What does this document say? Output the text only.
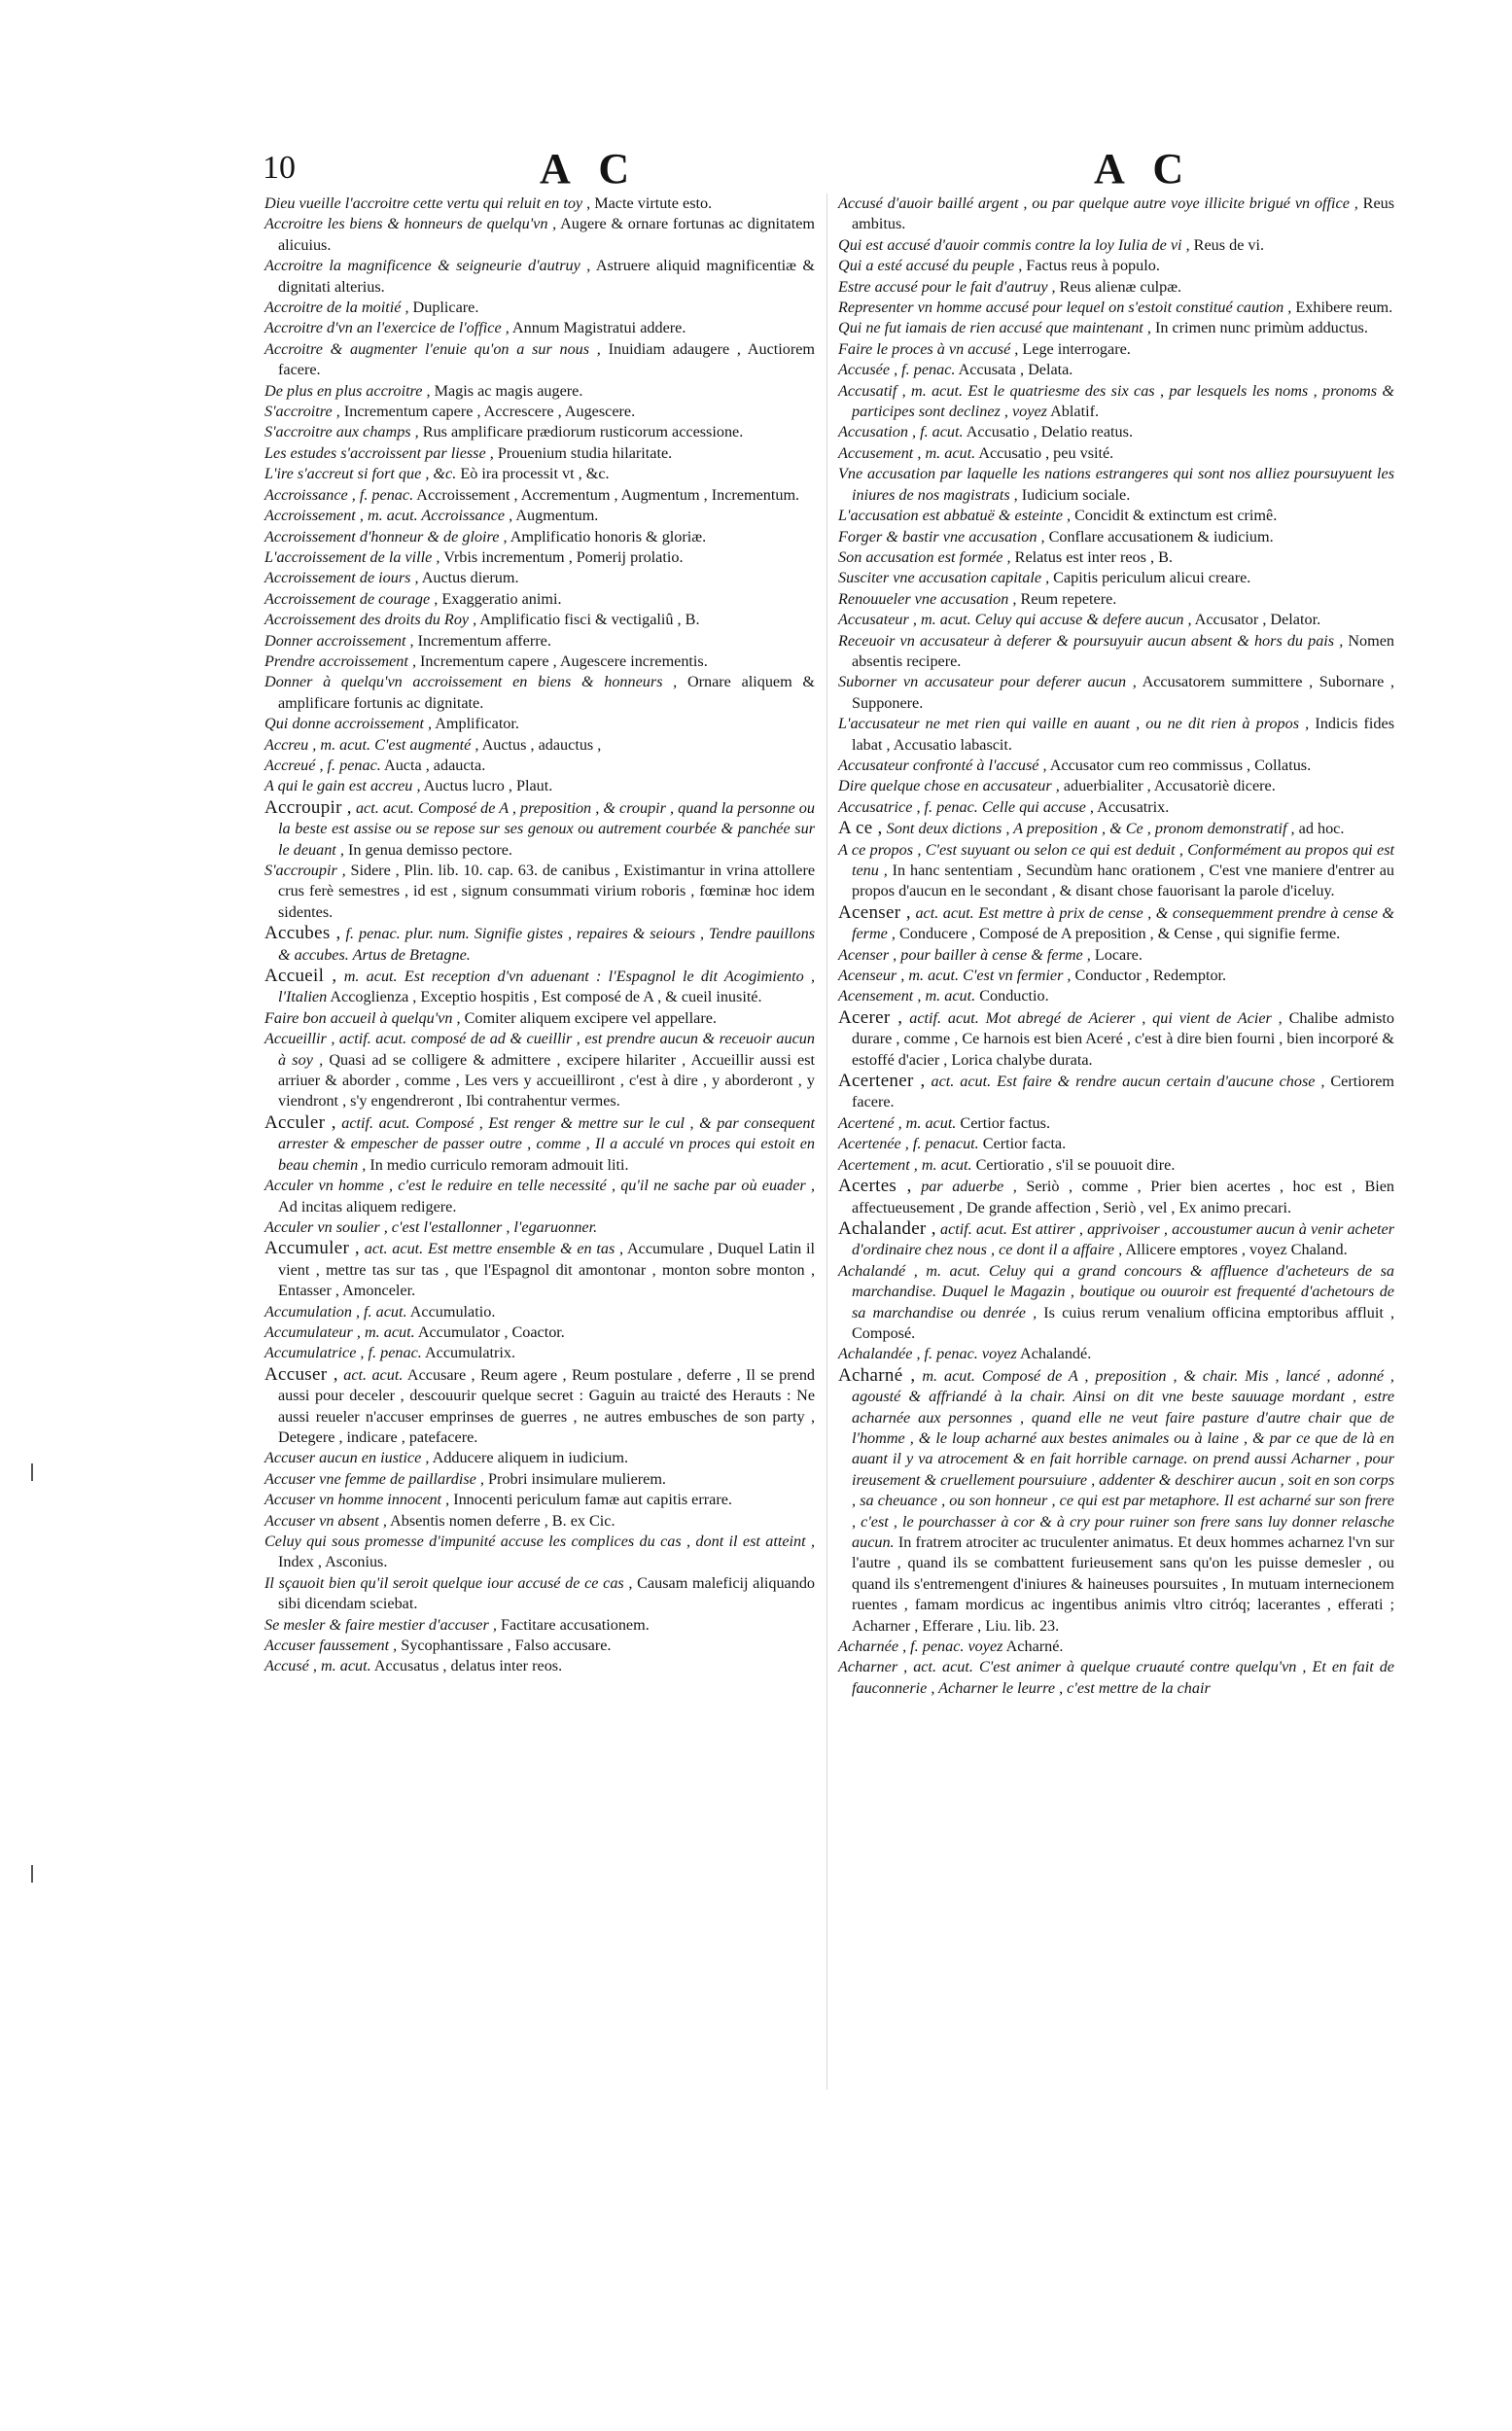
10	A C	A C

Dieu vueille l'accroitre cette vertu qui reluit en toy , Macte virtute esto.

Accroitre les biens & honneurs de quelqu'vn , Augere & ornare fortunas ac dignitatem alicuius.

Accroitre la magnificence & seigneurie d'autruy , Astruere aliquid magnificentiæ & dignitati alterius.

Accroitre de la moitié , Duplicare.

Accroitre d'vn an l'exercice de l'office , Annum Magistratui addere.

Accroitre & augmenter l'enuie qu'on a sur nous , Inuidiam adaugere , Auctiorem facere.

De plus en plus accroitre , Magis ac magis augere.

S'accroitre , Incrementum capere , Accrescere , Augescere.

S'accroitre aux champs , Rus amplificare prædiorum rusticorum accessione.

Les estudes s'accroissent par liesse , Prouenium studia hilaritate.

L'ire s'accreut si fort que , &c. Eò ira processit vt , &c.

Accroissance , f. penac. Accroissement , Accrementum , Augmentum , Incrementum.

Accroissement , m. acut. Accroissance , Augmentum.

Accroissement d'honneur & de gloire , Amplificatio honoris & gloriæ.

L'accroissement de la ville , Vrbis incrementum , Pomerij prolatio.

Accroissement de iours , Auctus dierum.

Accroissement de courage , Exaggeratio animi.

Accroissement des droits du Roy , Amplificatio fisci & vectigaliû , B.

Donner accroissement , Incrementum afferre.

Prendre accroissement , Incrementum capere , Augescere incrementis.

Donner à quelqu'vn accroissement en biens & honneurs , Ornare aliquem & amplificare fortunis ac dignitate.

Qui donne accroissement , Amplificator.

Accreu , m. acut. C'est augmenté , Auctus , adauctus ,

Accreué , f. penac. Aucta , adaucta.

A qui le gain est accreu , Auctus lucro , Plaut.

Accroupir , act. acut. Composé de A , preposition , & croupir , quand la personne ou la beste est assise ou se repose sur ses genoux ou autrement courbée & panchée sur le deuant , In genua demisso pectore.

S'accroupir , Sidere , Plin. lib. 10. cap. 63. de canibus , Existimantur in vrina attollere crus ferè semestres , id est , signum consummati virium roboris , fœminæ hoc idem sidentes.

Accubes , f. penac. plur. num. Signifie gistes , repaires & seiours , Tendre pauillons & accubes. Artus de Bretagne.

Accueil , m. acut. Est reception d'vn aduenant : l'Espagnol le dit Acogimiento , l'Italien Accoglienza , Exceptio hospitis , Est composé de A , & cueil inusité.

Faire bon accueil à quelqu'vn , Comiter aliquem excipere vel appellare.

Accueillir , actif. acut. composé de ad & cueillir , est prendre aucun & receuoir aucun à soy , Quasi ad se colligere & admittere , excipere hilariter , Accueillir aussi est arriuer & aborder , comme , Les vers y accueilliront , c'est à dire , y aborderont , y viendront , s'y engendreront , Ibi contrahentur vermes.

Acculer , actif. acut. Composé , Est renger & mettre sur le cul , & par consequent arrester & empescher de passer outre , comme , Il a acculé vn proces qui estoit en beau chemin , In medio curriculo remoram admouit liti.

Acculer vn homme , c'est le reduire en telle necessité , qu'il ne sache par où euader , Ad incitas aliquem redigere.

Acculer vn soulier , c'est l'estallonner , l'egaruonner.

Accumuler , act. acut. Est mettre ensemble & en tas , Accumulare , Duquel Latin il vient , mettre tas sur tas , que l'Espagnol dit amontonar , monton sobre monton , Entasser , Amonceler.

Accumulation , f. acut. Accumulatio.

Accumulateur , m. acut. Accumulator , Coactor.

Accumulatrice , f. penac. Accumulatrix.

Accuser , act. acut. Accusare , Reum agere , Reum postulare , deferre , Il se prend aussi pour deceler , descouurir quelque secret : Gaguin au traicté des Herauts : Ne aussi reueler n'accuser emprinses de guerres , ne autres embusches de son party , Detegere , indicare , patefacere.

Accuser aucun en iustice , Adducere aliquem in iudicium.

Accuser vne femme de paillardise , Probri insimulare mulierem.

Accuser vn homme innocent , Innocenti periculum famæ aut capitis errare.

Accuser vn absent , Absentis nomen deferre , B. ex Cic.

Celuy qui sous promesse d'impunité accuse les complices du cas , dont il est atteint , Index , Asconius.

Il sçauoit bien qu'il seroit quelque iour accusé de ce cas , Causam maleficij aliquando sibi dicendam sciebat.

Se mesler & faire mestier d'accuser , Factitare accusationem.

Accuser faussement , Sycophantissare , Falso accusare.

Accusé , m. acut. Accusatus , delatus inter reos.

Accusé d'auoir baillé argent , ou par quelque autre voye illicite brigué vn office , Reus ambitus.

Qui est accusé d'auoir commis contre la loy Iulia de vi , Reus de vi.

Qui a esté accusé du peuple , Factus reus à populo.

Estre accusé pour le fait d'autruy , Reus alienæ culpæ.

Representer vn homme accusé pour lequel on s'estoit constitué caution , Exhibere reum.

Qui ne fut iamais de rien accusé que maintenant , In crimen nunc primùm adductus.

Faire le proces à vn accusé , Lege interrogare.

Accusée , f. penac. Accusata , Delata.

Accusatif , m. acut. Est le quatriesme des six cas , par lesquels les noms , pronoms & participes sont declinez , voyez Ablatif.

Accusation , f. acut. Accusatio , Delatio reatus.

Accusement , m. acut. Accusatio , peu vsité.

Vne accusation par laquelle les nations estrangeres qui sont nos alliez poursuyuent les iniures de nos magistrats , Iudicium sociale.

L'accusation est abbatuë & esteinte , Concidit & extinctum est crimê.

Forger & bastir vne accusation , Conflare accusationem & iudicium.

Son accusation est formée , Relatus est inter reos , B.

Susciter vne accusation capitale , Capitis periculum alicui creare.

Renouueler vne accusation , Reum repetere.

Accusateur , m. acut. Celuy qui accuse & defere aucun , Accusator , Delator.

Receuoir vn accusateur à deferer & poursuyuir aucun absent & hors du pais , Nomen absentis recipere.

Suborner vn accusateur pour deferer aucun , Accusatorem summittere , Subornare , Supponere.

L'accusateur ne met rien qui vaille en auant , ou ne dit rien à propos , Indicis fides labat , Accusatio labascit.

Accusateur confronté à l'accusé , Accusator cum reo commissus , Collatus.

Dire quelque chose en accusateur , aduerbialiter , Accusatoriè dicere.

Accusatrice , f. penac. Celle qui accuse , Accusatrix.

A ce , Sont deux dictions , A preposition , & Ce , pronom demonstratif , ad hoc.

A ce propos , C'est suyuant ou selon ce qui est deduit , Conformément au propos qui est tenu , In hanc sententiam , Secundùm hanc orationem , C'est vne maniere d'entrer au propos d'aucun en le secondant , & disant chose fauorisant la parole d'iceluy.

Acenser , act. acut. Est mettre à prix de cense , & consequemment prendre à cense & ferme , Conducere , Composé de A preposition , & Cense , qui signifie ferme.

Acenser , pour bailler à cense & ferme , Locare.

Acenseur , m. acut. C'est vn fermier , Conductor , Redemptor.

Acensement , m. acut. Conductio.

Acerer , actif. acut. Mot abregé de Acierer , qui vient de Acier , Chalibe admisto durare , comme , Ce harnois est bien Aceré , c'est à dire bien fourni , bien incorporé & estoffé d'acier , Lorica chalybe durata.

Acertener , act. acut. Est faire & rendre aucun certain d'aucune chose , Certiorem facere.

Acertené , m. acut. Certior factus.

Acertenée , f. penacut. Certior facta.

Acertement , m. acut. Certioratio , s'il se pouuoit dire.

Acertes , par aduerbe , Seriò , comme , Prier bien acertes , hoc est , Bien affectueusement , De grande affection , Seriò , vel , Ex animo precari.

Achalander , actif. acut. Est attirer , apprivoiser , accoustumer aucun à venir acheter d'ordinaire chez nous , ce dont il a affaire , Allicere emptores , voyez Chaland.

Achalandé , m. acut. Celuy qui a grand concours & affluence d'acheteurs de sa marchandise. Duquel le Magazin , boutique ou ouuroir est frequenté d'achetours de sa marchandise ou denrée , Is cuius rerum venalium officina emptoribus affluit , Composé.

Achalandée , f. penac. voyez Achalandé.

Acharné , m. acut. Composé de A , preposition , & chair. Mis , lancé , adonné , agousté & affriandé à la chair. Ainsi on dit vne beste sauuage mordant , estre acharnée aux personnes , quand elle ne veut faire pasture d'autre chair que de l'homme , & le loup acharné aux bestes animales ou à laine , & par ce que de là en auant il y va atrocement & en fait horrible carnage. on prend aussi Acharner , pour ireusement & cruellement poursuiure , addenter & deschirer aucun , soit en son corps , sa cheuance , ou son honneur , ce qui est par metaphore. Il est acharné sur son frere , c'est , le pourchasser à cor & à cry pour ruiner son frere sans luy donner relasche aucun. In fratrem atrociter ac truculenter animatus. Et deux hommes acharnez l'vn sur l'autre , quand ils se combattent furieusement sans qu'on les puisse demesler , ou quand ils s'entremengent d'iniures & haineuses poursuites , In mutuam internecionem ruentes , famam mordicus ac ingentibus animis vltro citróq; lacerantes , efferati ; Acharner , Efferare , Liu. lib. 23.

Acharnée , f. penac. voyez Acharné.

Acharner , act. acut. C'est animer à quelque cruauté contre quelqu'vn , Et en fait de fauconnerie , Acharner le leurre , c'est mettre de la chair
